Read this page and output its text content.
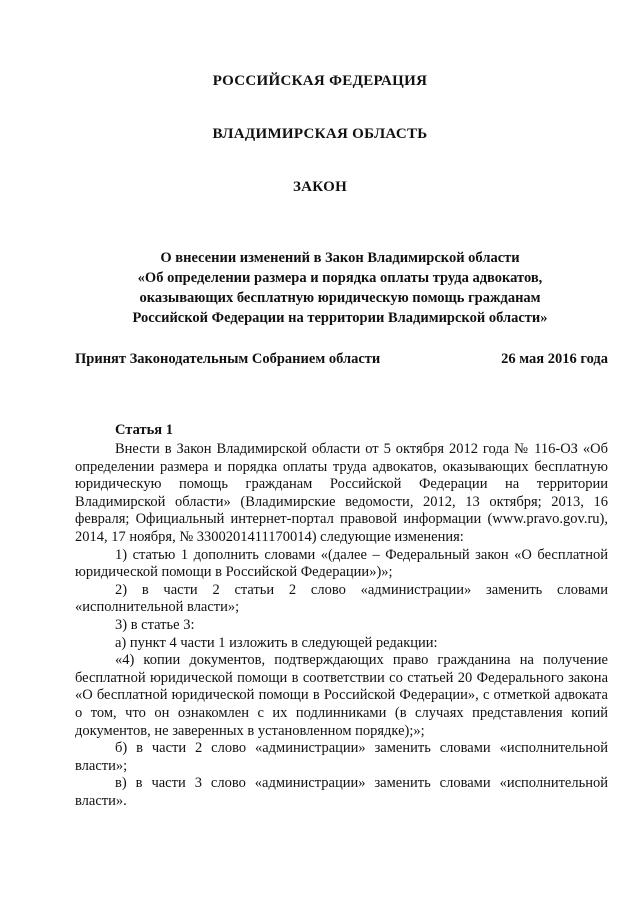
РОССИЙСКАЯ ФЕДЕРАЦИЯ
ВЛАДИМИРСКАЯ ОБЛАСТЬ
ЗАКОН
О внесении изменений в Закон Владимирской области
«Об определении размера и порядка оплаты труда адвокатов,
оказывающих бесплатную юридическую помощь гражданам
Российской Федерации на территории Владимирской области»
Принят Законодательным Собранием области	26 мая 2016 года
Статья 1

Внести в Закон Владимирской области от 5 октября 2012 года № 116-ОЗ «Об определении размера и порядка оплаты труда адвокатов, оказывающих бесплатную юридическую помощь гражданам Российской Федерации на территории Владимирской области» (Владимирские ведомости, 2012, 13 октября; 2013, 16 февраля; Официальный интернет-портал правовой информации (www.pravo.gov.ru), 2014, 17 ноября, № 3300201411170014) следующие изменения:

1) статью 1 дополнить словами «(далее – Федеральный закон «О бесплатной юридической помощи в Российской Федерации»)»;

2) в части 2 статьи 2 слово «администрации» заменить словами «исполнительной власти»;

3) в статье 3:

а) пункт 4 части 1 изложить в следующей редакции:

«4) копии документов, подтверждающих право гражданина на получение бесплатной юридической помощи в соответствии со статьей 20 Федерального закона «О бесплатной юридической помощи в Российской Федерации», с отметкой адвоката о том, что он ознакомлен с их подлинниками (в случаях представления копий документов, не заверенных в установленном порядке);»;

б) в части 2 слово «администрации» заменить словами «исполнительной власти»;

в) в части 3 слово «администрации» заменить словами «исполнительной власти».
